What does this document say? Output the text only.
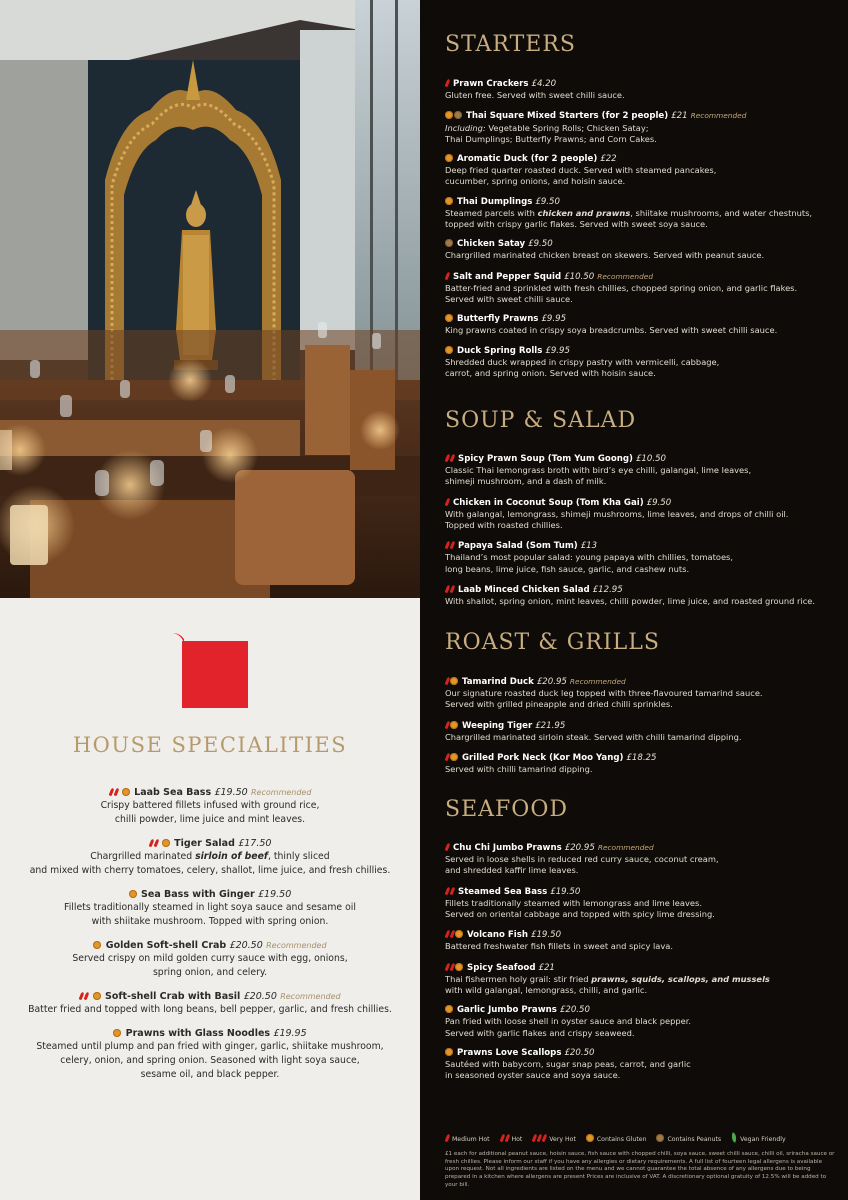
HOUSE SPECIALITIES
Laab Sea Bass £19.50 Recommended
Crispy battered fillets infused with ground rice,
chilli powder, lime juice and mint leaves.
Tiger Salad £17.50
Chargrilled marinated sirloin of beef, thinly sliced
and mixed with cherry tomatoes, celery, shallot, lime juice, and fresh chillies.
Sea Bass with Ginger £19.50
Fillets traditionally steamed in light soya sauce and sesame oil
with shiitake mushroom. Topped with spring onion.
Golden Soft-shell Crab £20.50 Recommended
Served crispy on mild golden curry sauce with egg, onions,
spring onion, and celery.
Soft-shell Crab with Basil £20.50 Recommended
Batter fried and topped with long beans, bell pepper, garlic, and fresh chillies.
Prawns with Glass Noodles £19.95
Steamed until plump and pan fried with ginger, garlic, shiitake mushroom,
celery, onion, and spring onion. Seasoned with light soya sauce,
sesame oil, and black pepper.
STARTERS
Prawn Crackers £4.20
Gluten free. Served with sweet chilli sauce.
Thai Square Mixed Starters (for 2 people) £21 Recommended
Including: Vegetable Spring Rolls; Chicken Satay;
Thai Dumplings; Butterfly Prawns; and Corn Cakes.
Aromatic Duck (for 2 people) £22
Deep fried quarter roasted duck. Served with steamed pancakes,
cucumber, spring onions, and hoisin sauce.
Thai Dumplings £9.50
Steamed parcels with chicken and prawns, shiitake mushrooms, and water chestnuts,
topped with crispy garlic flakes. Served with sweet soya sauce.
Chicken Satay £9.50
Chargrilled marinated chicken breast on skewers. Served with peanut sauce.
Salt and Pepper Squid £10.50 Recommended
Batter-fried and sprinkled with fresh chillies, chopped spring onion, and garlic flakes.
Served with sweet chilli sauce.
Butterfly Prawns £9.95
King prawns coated in crispy soya breadcrumbs. Served with sweet chilli sauce.
Duck Spring Rolls £9.95
Shredded duck wrapped in crispy pastry with vermicelli, cabbage,
carrot, and spring onion. Served with hoisin sauce.
SOUP & SALAD
Spicy Prawn Soup (Tom Yum Goong) £10.50
Classic Thai lemongrass broth with bird’s eye chilli, galangal, lime leaves,
shimeji mushroom, and a dash of milk.
Chicken in Coconut Soup (Tom Kha Gai) £9.50
With galangal, lemongrass, shimeji mushrooms, lime leaves, and drops of chilli oil.
Topped with roasted chillies.
Papaya Salad (Som Tum) £13
Thailand’s most popular salad: young papaya with chillies, tomatoes,
long beans, lime juice, fish sauce, garlic, and cashew nuts.
Laab Minced Chicken Salad £12.95
With shallot, spring onion, mint leaves, chilli powder, lime juice, and roasted ground rice.
ROAST & GRILLS
Tamarind Duck £20.95 Recommended
Our signature roasted duck leg topped with three-flavoured tamarind sauce.
Served with grilled pineapple and dried chilli sprinkles.
Weeping Tiger £21.95
Chargrilled marinated sirloin steak. Served with chilli tamarind dipping.
Grilled Pork Neck (Kor Moo Yang) £18.25
Served with chilli tamarind dipping.
SEAFOOD
Chu Chi Jumbo Prawns £20.95 Recommended
Served in loose shells in reduced red curry sauce, coconut cream,
and shredded kaffir lime leaves.
Steamed Sea Bass £19.50
Fillets traditionally steamed with lemongrass and lime leaves.
Served on oriental cabbage and topped with spicy lime dressing.
Volcano Fish £19.50
Battered freshwater fish fillets in sweet and spicy lava.
Spicy Seafood £21
Thai fishermen holy grail: stir fried prawns, squids, scallops, and mussels
with wild galangal, lemongrass, chilli, and garlic.
Garlic Jumbo Prawns £20.50
Pan fried with loose shell in oyster sauce and black pepper.
Served with garlic flakes and crispy seaweed.
Prawns Love Scallops £20.50
Sautéed with babycorn, sugar snap peas, carrot, and garlic
in seasoned oyster sauce and soya sauce.
Medium Hot	Hot	Very Hot	Contains Gluten	Contains Peanuts	Vegan Friendly
£1 each for additional peanut sauce, hoisin sauce, fish sauce with chopped chilli, soya sauce, sweet chilli sauce, chilli oil, sriracha sauce or fresh chillies. Please inform our staff if you have any allergies or dietary requirements. A full list of fourteen legal allergens is available upon request. Not all ingredients are listed on the menu and we cannot guarantee the total absence of any allergens due to being prepared in a kitchen where allergens are present Prices are inclusive of VAT. A discretionary optional gratuity of 12.5% will be added to your bill.
